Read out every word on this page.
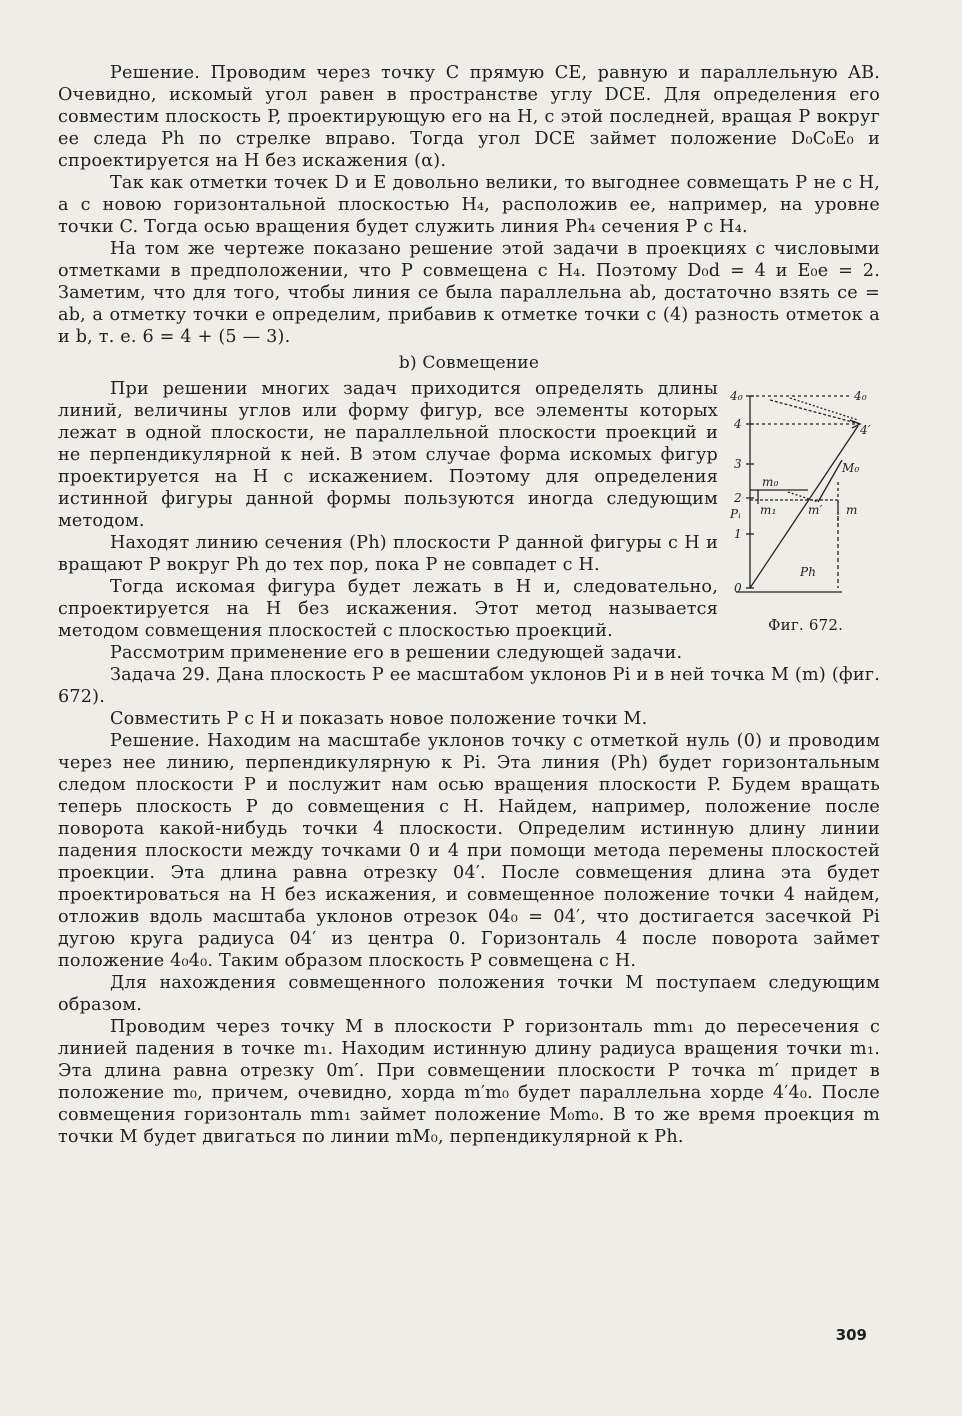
Решение. Проводим через точку C прямую CE, равную и параллельную AB. Очевидно, искомый угол равен в пространстве углу DCE. Для определения его совместим плоскость P, проектирующую его на H, с этой последней, вращая P вокруг ее следа Ph по стрелке вправо. Тогда угол DCE займет положение D₀C₀E₀ и спроектируется на H без искажения (α).

Так как отметки точек D и E довольно велики, то выгоднее совмещать P не с H, а с новою горизонтальной плоскостью H₄, расположив ее, например, на уровне точки C. Тогда осью вращения будет служить линия Ph₄ сечения P с H₄.

На том же чертеже показано решение этой задачи в проекциях с числовыми отметками в предположении, что P совмещена с H₄. Поэтому D₀d = 4 и E₀e = 2. Заметим, что для того, чтобы линия ce была параллельна ab, достаточно взять ce = ab, а отметку точки e определим, прибавив к отметке точки c (4) разность отметок a и b, т. е. 6 = 4 + (5 — 3).

b) Совмещение
4₀	4₀
4	4′
3
2
Pᵢ
1
0
m₀
M₀
m₁	m′ m
Ph
Фиг. 672.

При решении многих задач приходится определять длины линий, величины углов или форму фигур, все элементы которых лежат в одной плоскости, не параллельной плоскости проекций и не перпендикулярной к ней. В этом случае форма искомых фигур проектируется на H с искажением. Поэтому для определения истинной фигуры данной формы пользуются иногда следующим методом.

Находят линию сечения (Ph) плоскости P данной фигуры с H и вращают P вокруг Ph до тех пор, пока P не совпадет с H.

Тогда искомая фигура будет лежать в H и, следовательно, спроектируется на H без искажения. Этот метод называется методом совмещения плоскостей с плоскостью проекций.

Рассмотрим применение его в решении следующей задачи.

Задача 29. Дана плоскость P ее масштабом уклонов Pi и в ней точка M (m) (фиг. 672).

Совместить P с H и показать новое положение точки M.

Решение. Находим на масштабе уклонов точку с отметкой нуль (0) и проводим через нее линию, перпендикулярную к Pi. Эта линия (Ph) будет горизонтальным следом плоскости P и послужит нам осью вращения плоскости P. Будем вращать теперь плоскость P до совмещения с H. Найдем, например, положение после поворота какой-нибудь точки 4 плоскости. Определим истинную длину линии падения плоскости между точками 0 и 4 при помощи метода перемены плоскостей проекции. Эта длина равна отрезку 04′. После совмещения длина эта будет проектироваться на H без искажения, и совмещенное положение точки 4 найдем, отложив вдоль масштаба уклонов отрезок 04₀ = 04′, что достигается засечкой Pi дугою круга радиуса 04′ из центра 0. Горизонталь 4 после поворота займет положение 4₀4₀. Таким образом плоскость P совмещена с H.

Для нахождения совмещенного положения точки M поступаем следующим образом.

Проводим через точку M в плоскости P горизонталь mm₁ до пересечения с линией падения в точке m₁. Находим истинную длину радиуса вращения точки m₁. Эта длина равна отрезку 0m′. При совмещении плоскости P точка m′ придет в положение m₀, причем, очевидно, хорда m′m₀ будет параллельна хорде 4′4₀. После совмещения горизонталь mm₁ займет положение M₀m₀. В то же время проекция m точки M будет двигаться по линии mM₀, перпендикулярной к Ph.

309
